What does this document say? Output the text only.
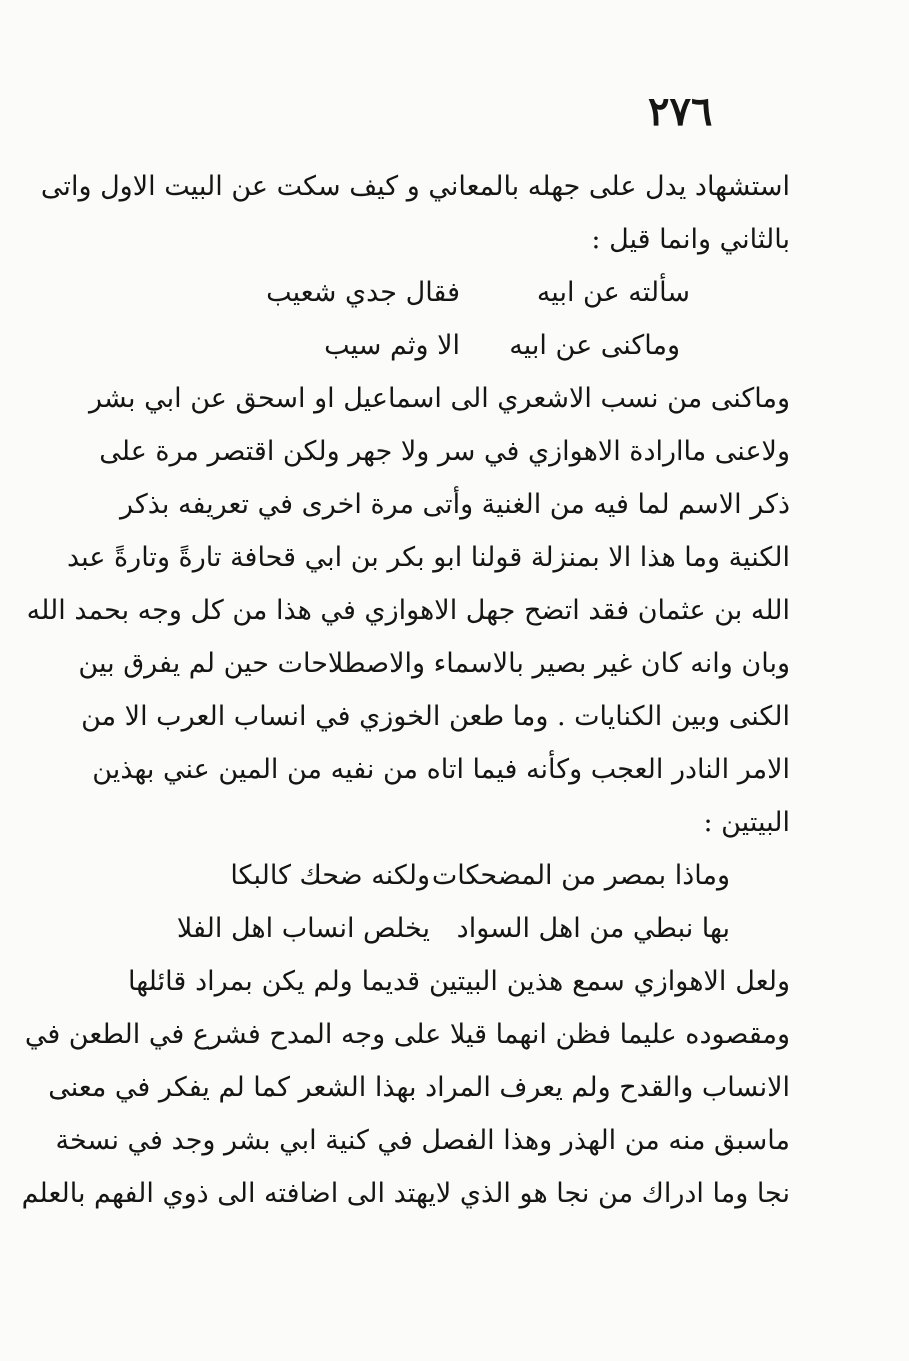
٢٧٦
استشهاد يدل على جهله بالمعاني و كيف سكت عن البيت الاول واتى
بالثاني وانما قيل :
سألته عن ابيه
فقال جدي شعيب
وماكنى عن ابيه
الا وثم سيب
وماكنى من نسب الاشعري الى اسماعيل او اسحق عن ابي بشر
ولاعنى ماارادة الاهوازي في سر ولا جهر ولكن اقتصر مرة على
ذكر الاسم لما فيه من الغنية وأتى مرة اخرى في تعريفه بذكر
الكنية وما هذا الا بمنزلة قولنا ابو بكر بن ابي قحافة تارةً وتارةً عبد
الله بن عثمان فقد اتضح جهل الاهوازي في هذا من كل وجه بحمد الله
وبان وانه كان غير بصير بالاسماء والاصطلاحات حين لم يفرق بين
الكنى وبين الكنايات . وما طعن الخوزي في انساب العرب الا من
الامر النادر العجب وكأنه فيما اتاه من نفيه من المين عني بهذين
البيتين :
وماذا بمصر من المضحكات
ولكنه ضحك كالبكا
بها نبطي من اهل السواد
يخلص انساب اهل الفلا
ولعل الاهوازي سمع هذين البيتين قديما ولم يكن بمراد قائلها
ومقصوده عليما فظن انهما قيلا على وجه المدح فشرع في الطعن في
الانساب والقدح ولم يعرف المراد بهذا الشعر كما لم يفكر في معنى
ماسبق منه من الهذر وهذا الفصل في كنية ابي بشر وجد في نسخة
نجا وما ادراك من نجا هو الذي لايهتد الى اضافته الى ذوي الفهم بالعلم
